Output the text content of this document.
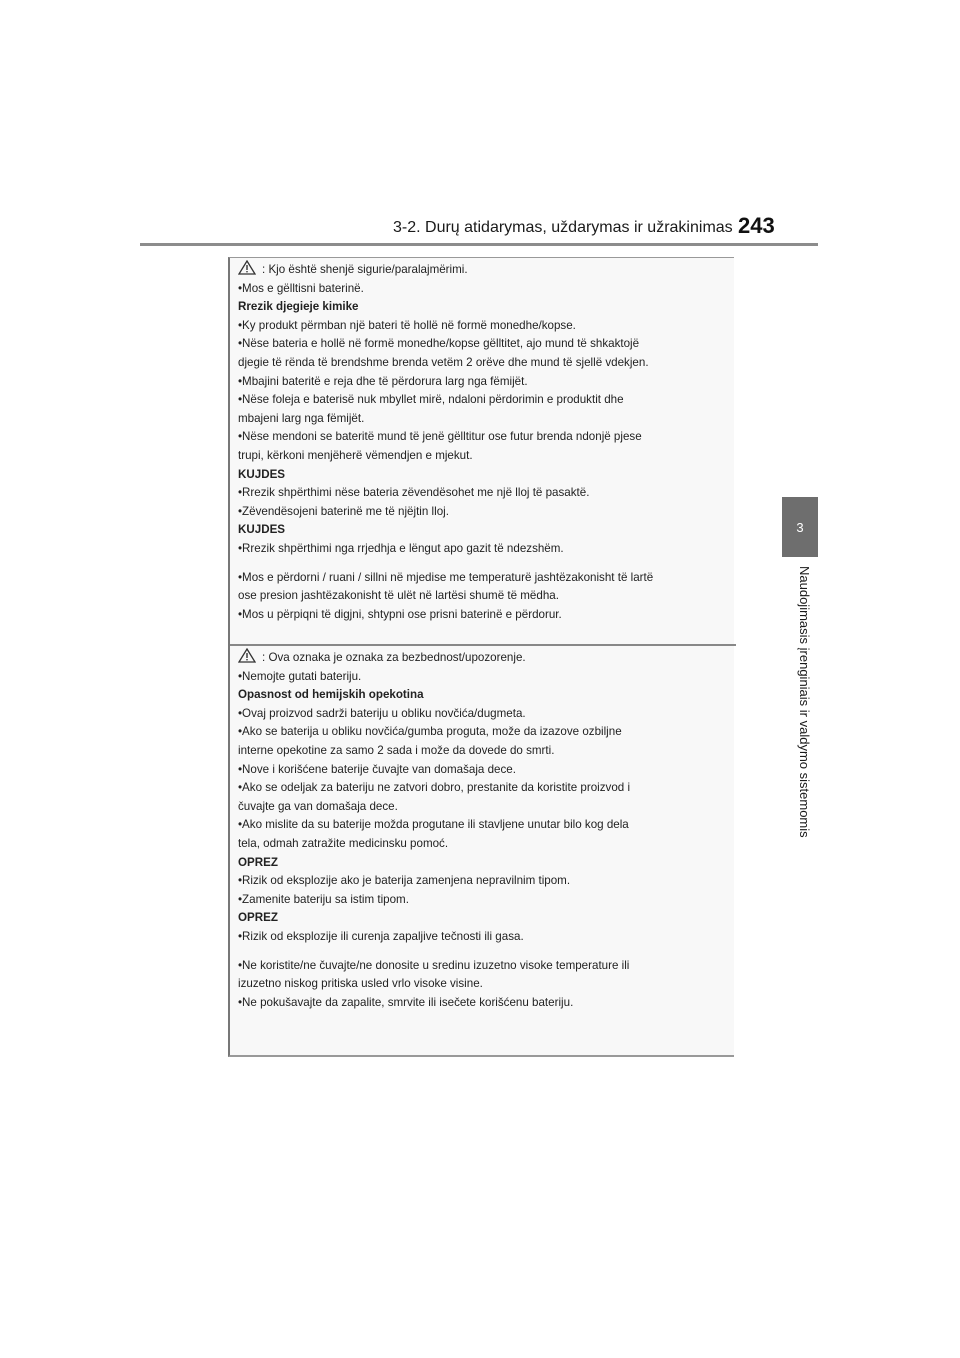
3-2. Durų atidarymas, uždarymas ir užrakinimas 243
3
Naudojimasis įrenginiais ir valdymo sistemomis
: Kjo është shenjë sigurie/paralajmërimi.
•Mos e gëlltisni baterinë.
Rrezik djegieje kimike
•Ky produkt përmban një bateri të hollë në formë monedhe/kopse.
•Nëse bateria e hollë në formë monedhe/kopse gëlltitet, ajo mund të shkaktojë
djegie të rënda të brendshme brenda vetëm 2 orëve dhe mund të sjellë vdekjen.
•Mbajini bateritë e reja dhe të përdorura larg nga fëmijët.
•Nëse foleja e baterisë nuk mbyllet mirë, ndaloni përdorimin e produktit dhe
mbajeni larg nga fëmijët.
•Nëse mendoni se bateritë mund të jenë gëlltitur ose futur brenda ndonjë pjese
trupi, kërkoni menjëherë vëmendjen e mjekut.
KUJDES
•Rrezik shpërthimi nëse bateria zëvendësohet me një lloj të pasaktë.
•Zëvendësojeni baterinë me të njëjtin lloj.
KUJDES
•Rrezik shpërthimi nga rrjedhja e lëngut apo gazit të ndezshëm.
•Mos e përdorni / ruani / sillni në mjedise me temperaturë jashtëzakonisht të lartë
ose presion jashtëzakonisht të ulët në lartësi shumë të mëdha.
•Mos u përpiqni të digjni, shtypni ose prisni baterinë e përdorur.
: Ova oznaka je oznaka za bezbednost/upozorenje.
•Nemojte gutati bateriju.
Opasnost od hemijskih opekotina
•Ovaj proizvod sadrži bateriju u obliku novčića/dugmeta.
•Ako se baterija u obliku novčića/gumba proguta, može da izazove ozbiljne
interne opekotine za samo 2 sada i može da dovede do smrti.
•Nove i korišćene baterije čuvajte van domašaja dece.
•Ako se odeljak za bateriju ne zatvori dobro, prestanite da koristite proizvod i
čuvajte ga van domašaja dece.
•Ako mislite da su baterije možda progutane ili stavljene unutar bilo kog dela
tela, odmah zatražite medicinsku pomoć.
OPREZ
•Rizik od eksplozije ako je baterija zamenjena nepravilnim tipom.
•Zamenite bateriju sa istim tipom.
OPREZ
•Rizik od eksplozije ili curenja zapaljive tečnosti ili gasa.
•Ne koristite/ne čuvajte/ne donosite u sredinu izuzetno visoke temperature ili
izuzetno niskog pritiska usled vrlo visoke visine.
•Ne pokušavajte da zapalite, smrvite ili isečete korišćenu bateriju.
